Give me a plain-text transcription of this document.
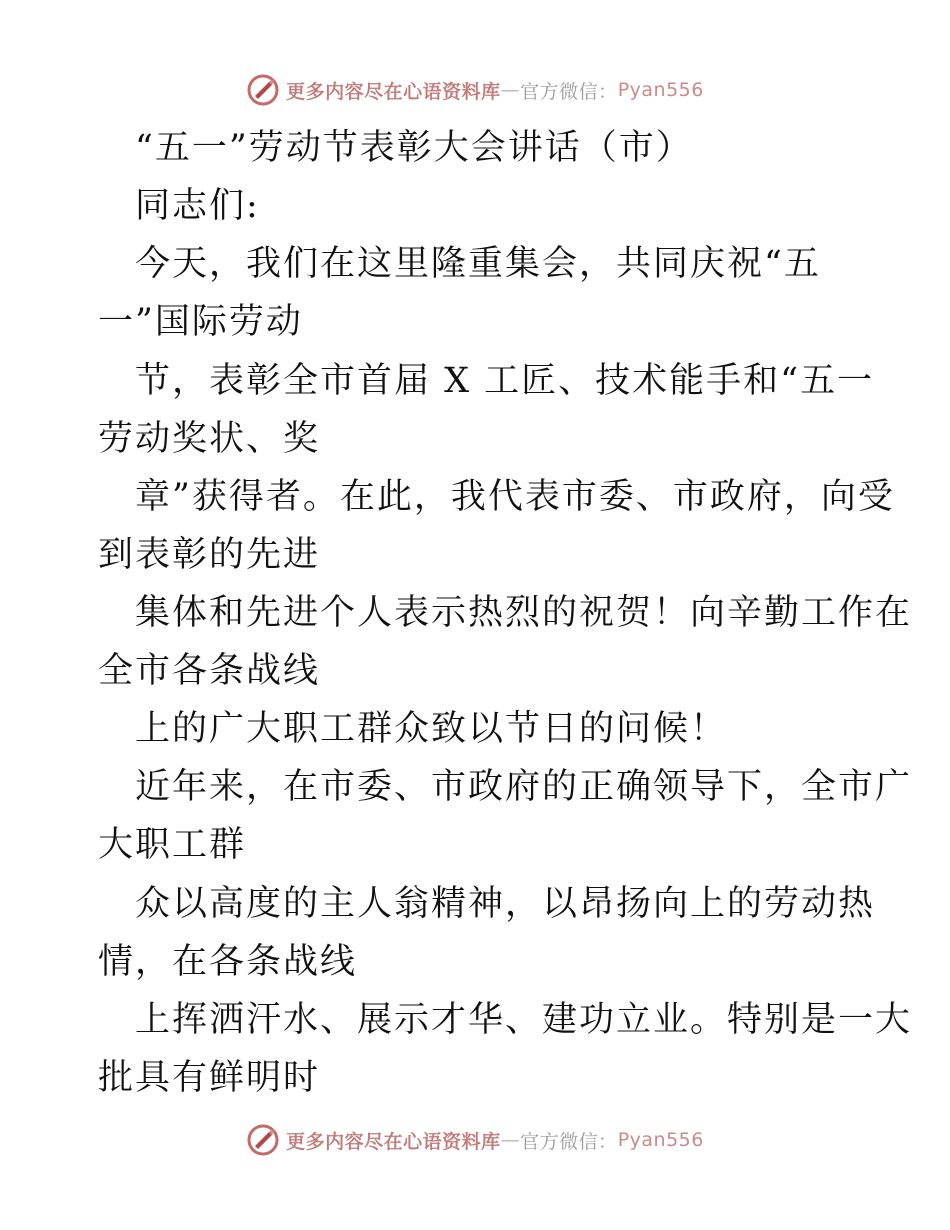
更多内容尽在心语资料库 — 官方微信： Pyan556
“五一”劳动节表彰大会讲话（市）
同志们:
今天，我们在这里隆重集会，共同庆祝“五
一”国际劳动
节，表彰全市首届 X 工匠、技术能手和“五一
劳动奖状、奖
章”获得者。在此，我代表市委、市政府，向受
到表彰的先进
集体和先进个人表示热烈的祝贺！向辛勤工作在
全市各条战线
上的广大职工群众致以节日的问候！
近年来，在市委、市政府的正确领导下，全市广
大职工群
众以高度的主人翁精神，以昂扬向上的劳动热
情，在各条战线
上挥洒汗水、展示才华、建功立业。特别是一大
批具有鲜明时
更多内容尽在心语资料库 — 官方微信： Pyan556
